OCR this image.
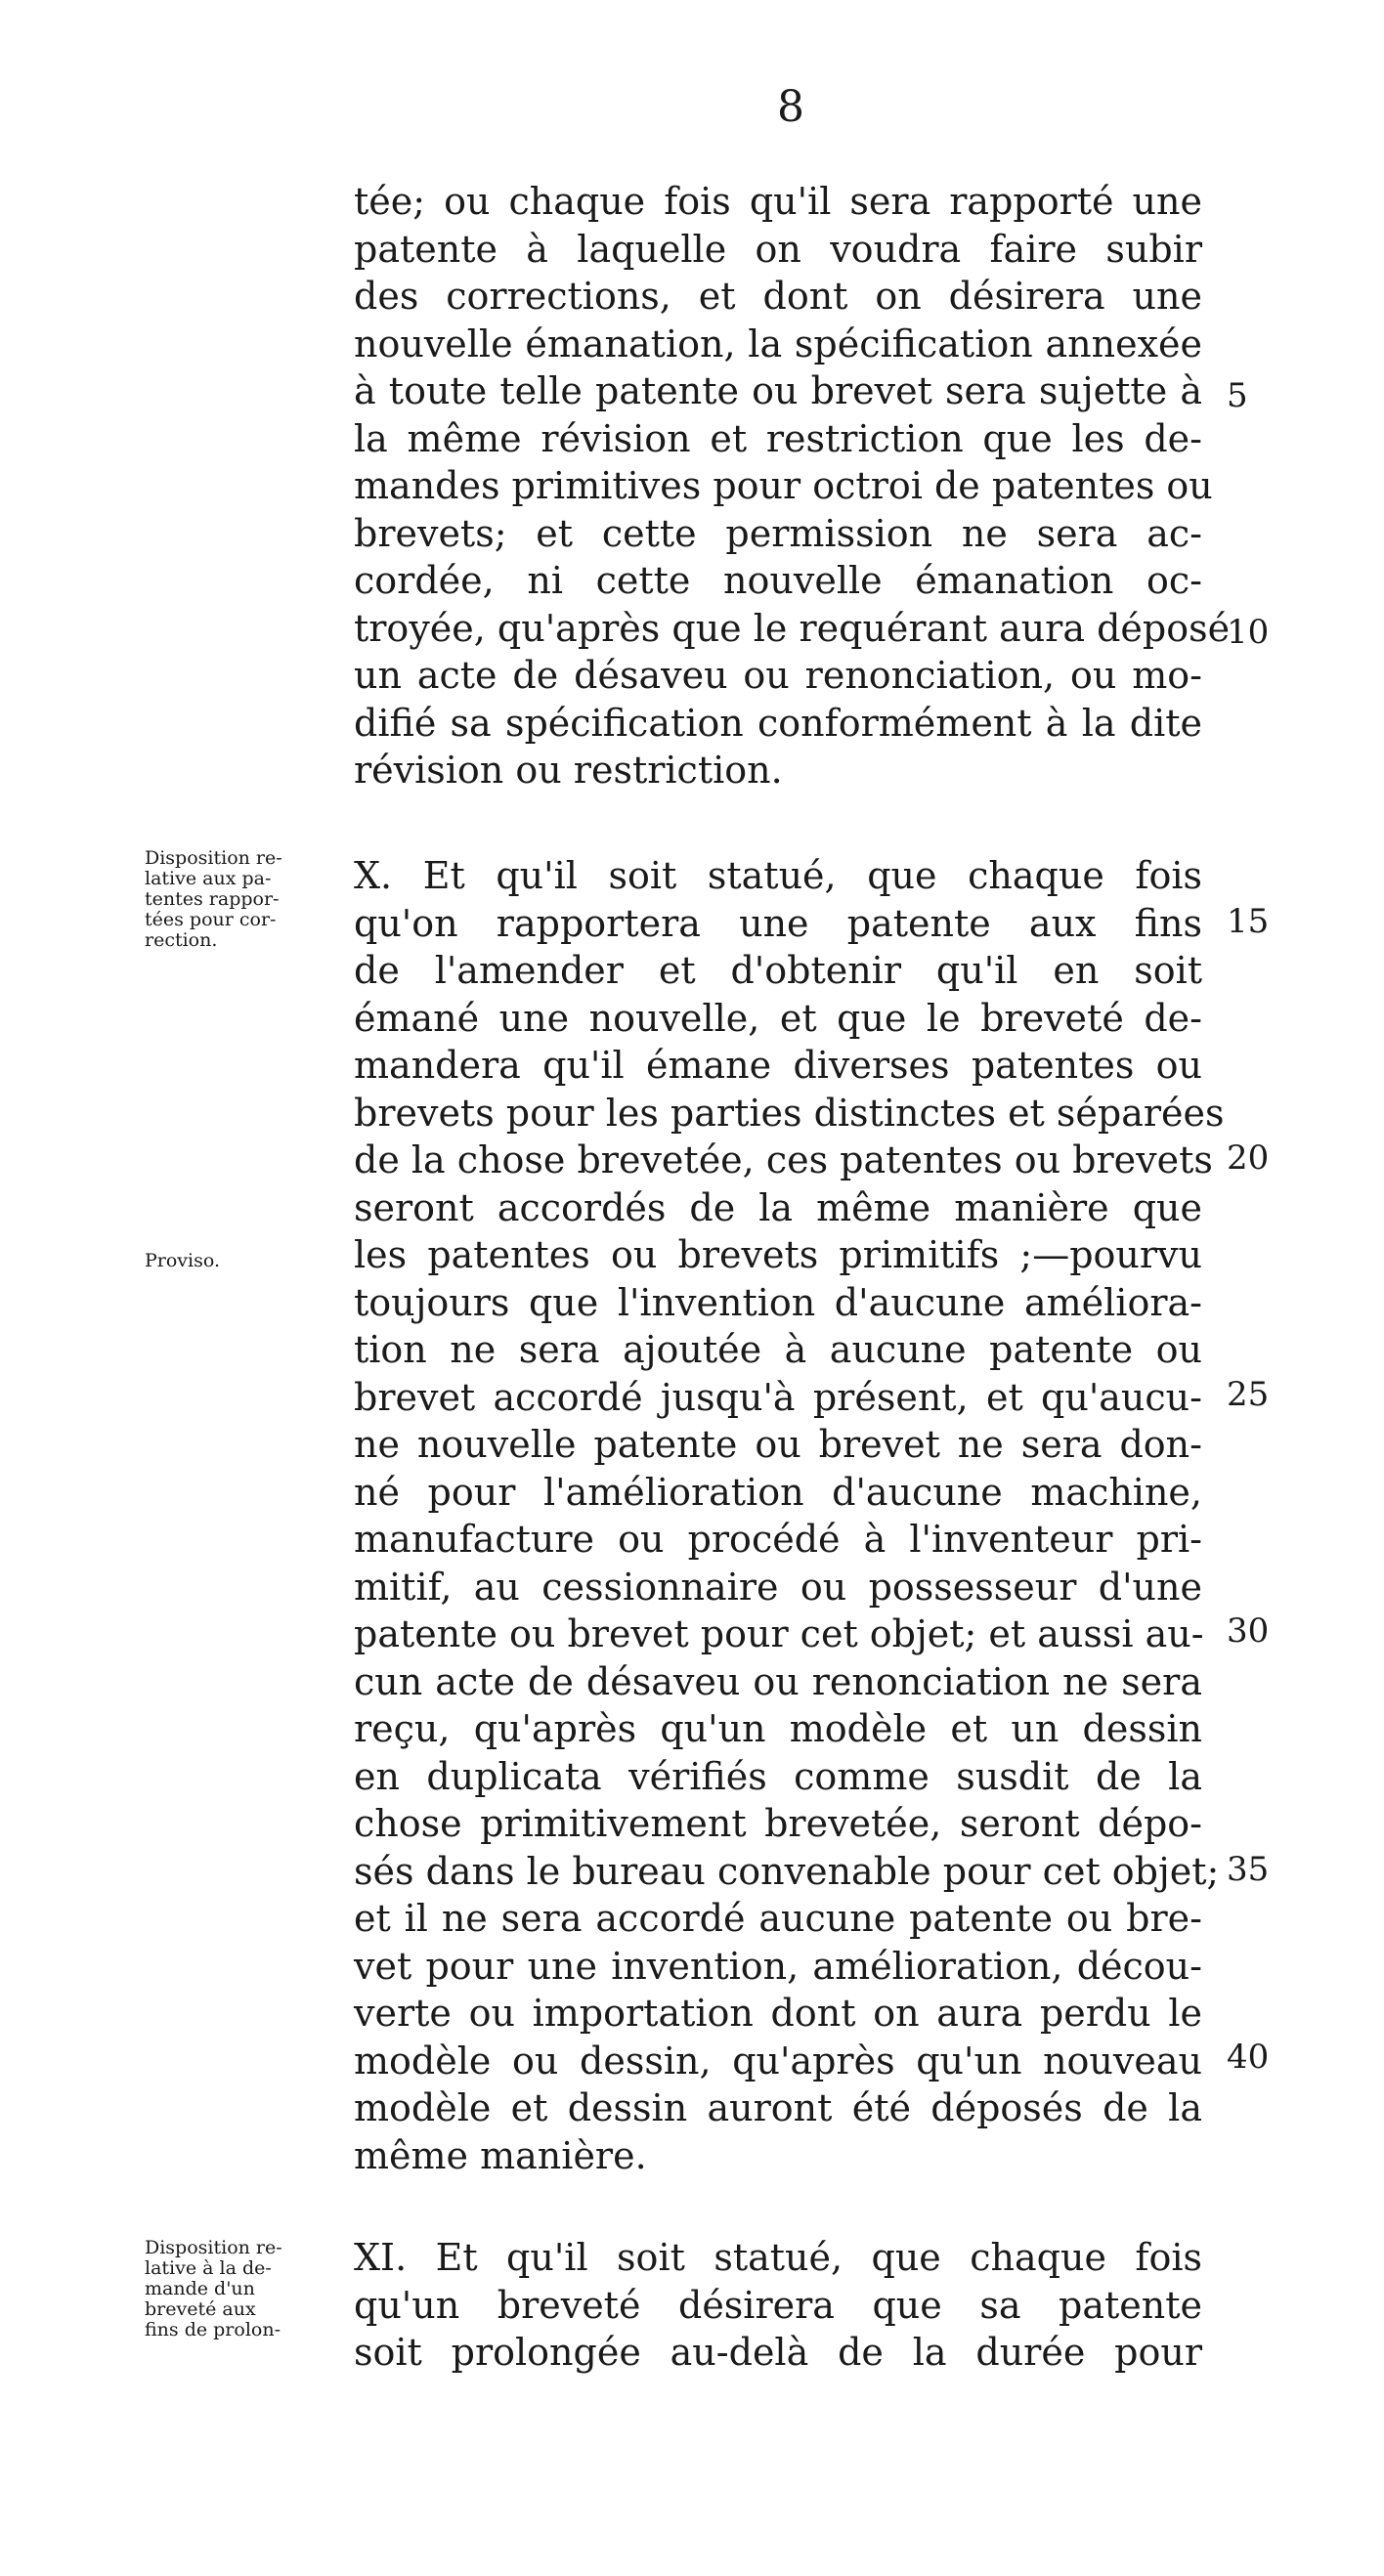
8
tée; ou chaque fois qu'il sera rapporté une
patente à laquelle on voudra faire subir
des corrections, et dont on désirera une
nouvelle émanation, la spécification annexée
à toute telle patente ou brevet sera sujette à
la même révision et restriction que les de-
mandes primitives pour octroi de patentes ou
brevets; et cette permission ne sera ac-
cordée, ni cette nouvelle émanation oc-
troyée, qu'après que le requérant aura déposé
un acte de désaveu ou renonciation, ou mo-
difié sa spécification conformément à la dite
révision ou restriction.
X. Et qu'il soit statué, que chaque fois
qu'on rapportera une patente aux fins
de l'amender et d'obtenir qu'il en soit
émané une nouvelle, et que le breveté de-
mandera qu'il émane diverses patentes ou
brevets pour les parties distinctes et séparées
de la chose brevetée, ces patentes ou brevets
seront accordés de la même manière que
les patentes ou brevets primitifs ;—pourvu
toujours que l'invention d'aucune améliora-
tion ne sera ajoutée à aucune patente ou
brevet accordé jusqu'à présent, et qu'aucu-
ne nouvelle patente ou brevet ne sera don-
né pour l'amélioration d'aucune machine,
manufacture ou procédé à l'inventeur pri-
mitif, au cessionnaire ou possesseur d'une
patente ou brevet pour cet objet; et aussi au-
cun acte de désaveu ou renonciation ne sera
reçu, qu'après qu'un modèle et un dessin
en duplicata vérifiés comme susdit de la
chose primitivement brevetée, seront dépo-
sés dans le bureau convenable pour cet objet;
et il ne sera accordé aucune patente ou bre-
vet pour une invention, amélioration, décou-
verte ou importation dont on aura perdu le
modèle ou dessin, qu'après qu'un nouveau
modèle et dessin auront été déposés de la
même manière.
XI. Et qu'il soit statué, que chaque fois
qu'un breveté désirera que sa patente
soit prolongée au-delà de la durée pour
5
10
15
20
25
30
35
40
Disposition re-
lative aux pa-
tentes rappor-
tées pour cor-
rection.
Proviso.
Disposition re-
lative à la de-
mande d'un
breveté aux
fins de prolon-
